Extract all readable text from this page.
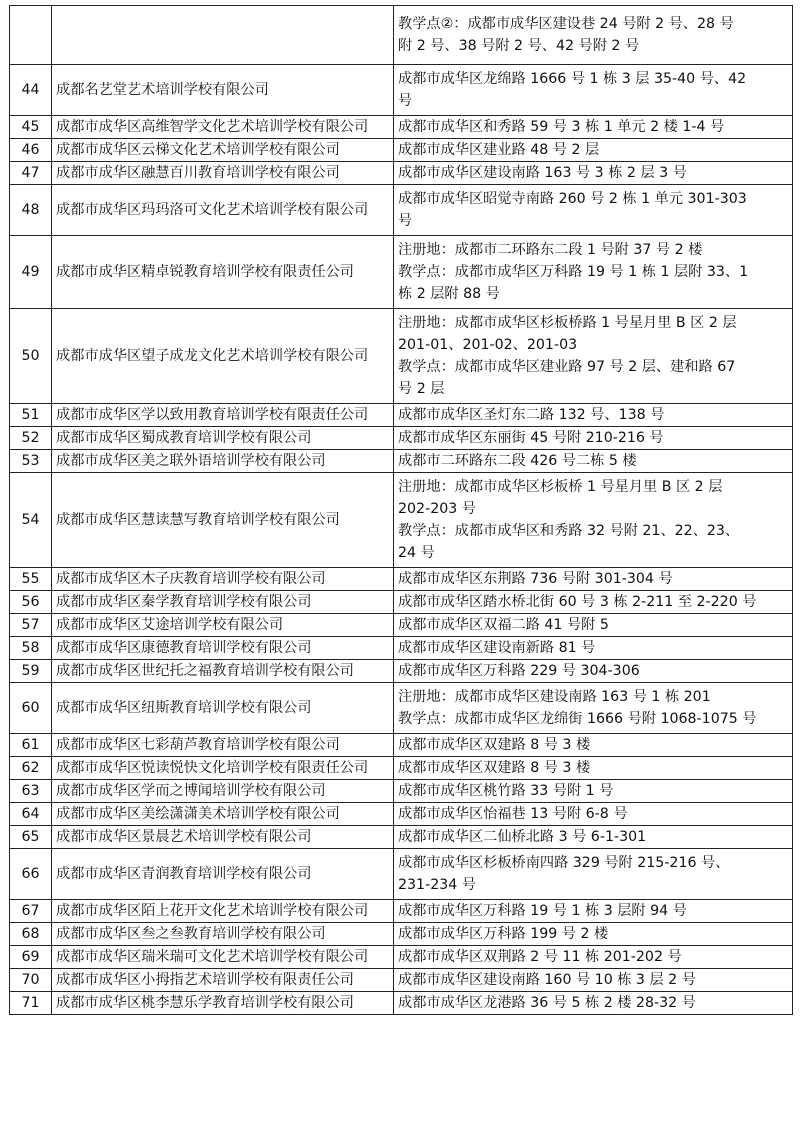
		教学点②：成都市成华区建设巷 24 号附 2 号、28 号
附 2 号、38 号附 2 号、42 号附 2 号

44	成都名艺堂艺术培训学校有限公司	成都市成华区龙绵路 1666 号 1 栋 3 层 35-40 号、42
号

45	成都市成华区高维智学文化艺术培训学校有限公司	成都市成华区和秀路 59 号 3 栋 1 单元 2 楼 1-4 号

46	成都市成华区云梯文化艺术培训学校有限公司	成都市成华区建业路 48 号 2 层

47	成都市成华区融慧百川教育培训学校有限公司	成都市成华区建设南路 163 号 3 栋 2 层 3 号

48	成都市成华区玛玛洛可文化艺术培训学校有限公司	成都市成华区昭觉寺南路 260 号 2 栋 1 单元 301-303
号

49	成都市成华区精卓锐教育培训学校有限责任公司	注册地：成都市二环路东二段 1 号附 37 号 2 楼
教学点：成都市成华区万科路 19 号 1 栋 1 层附 33、1
栋 2 层附 88 号

50	成都市成华区望子成龙文化艺术培训学校有限公司	注册地：成都市成华区杉板桥路 1 号星月里 B 区 2 层
201-01、201-02、201-03
教学点：成都市成华区建业路 97 号 2 层、建和路 67
号 2 层

51	成都市成华区学以致用教育培训学校有限责任公司	成都市成华区圣灯东二路 132 号、138 号

52	成都市成华区蜀成教育培训学校有限公司	成都市成华区东丽街 45 号附 210-216 号

53	成都市成华区美之联外语培训学校有限公司	成都市二环路东二段 426 号二栋 5 楼

54	成都市成华区慧读慧写教育培训学校有限公司	注册地：成都市成华区杉板桥 1 号星月里 B 区 2 层
202-203 号
教学点：成都市成华区和秀路 32 号附 21、22、23、
24 号

55	成都市成华区木子庆教育培训学校有限公司	成都市成华区东荆路 736 号附 301-304 号

56	成都市成华区秦学教育培训学校有限公司	成都市成华区踏水桥北街 60 号 3 栋 2-211 至 2-220 号

57	成都市成华区艾途培训学校有限公司	成都市成华区双福二路 41 号附 5

58	成都市成华区康德教育培训学校有限公司	成都市成华区建设南新路 81 号

59	成都市成华区世纪托之福教育培训学校有限公司	成都市成华区万科路 229 号 304-306

60	成都市成华区纽斯教育培训学校有限公司	注册地：成都市成华区建设南路 163 号 1 栋 201
教学点：成都市成华区龙绵街 1666 号附 1068-1075 号

61	成都市成华区七彩葫芦教育培训学校有限公司	成都市成华区双建路 8 号 3 楼

62	成都市成华区悦读悦快文化培训学校有限责任公司	成都市成华区双建路 8 号 3 楼

63	成都市成华区学而之博闻培训学校有限公司	成都市成华区桃竹路 33 号附 1 号

64	成都市成华区美绘潇潇美术培训学校有限公司	成都市成华区怡福巷 13 号附 6-8 号

65	成都市成华区景晨艺术培训学校有限公司	成都市成华区二仙桥北路 3 号 6-1-301

66	成都市成华区青润教育培训学校有限公司	成都市成华区杉板桥南四路 329 号附 215-216 号、
231-234 号

67	成都市成华区陌上花开文化艺术培训学校有限公司	成都市成华区万科路 19 号 1 栋 3 层附 94 号

68	成都市成华区叁之叁教育培训学校有限公司	成都市成华区万科路 199 号 2 楼

69	成都市成华区瑞米瑞可文化艺术培训学校有限公司	成都市成华区双荆路 2 号 11 栋 201-202 号

70	成都市成华区小拇指艺术培训学校有限责任公司	成都市成华区建设南路 160 号 10 栋 3 层 2 号

71	成都市成华区桃李慧乐学教育培训学校有限公司	成都市成华区龙港路 36 号 5 栋 2 楼 28-32 号
